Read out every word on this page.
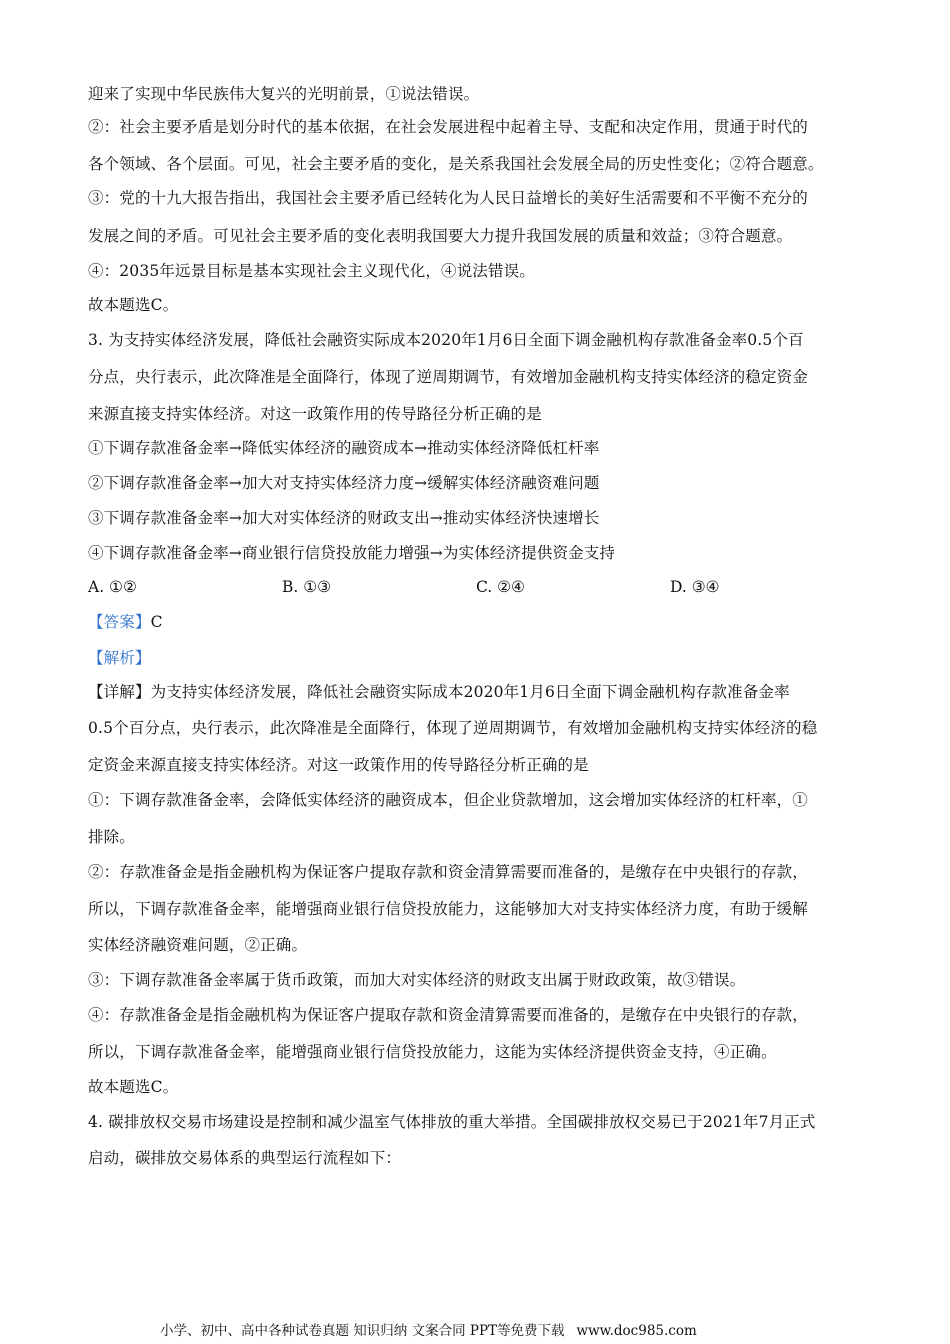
迎来了实现中华民族伟大复兴的光明前景，①说法错误。
②：社会主要矛盾是划分时代的基本依据，在社会发展进程中起着主导、支配和决定作用，贯通于时代的
各个领域、各个层面。可见，社会主要矛盾的变化，是关系我国社会发展全局的历史性变化；②符合题意。
③：党的十九大报告指出，我国社会主要矛盾已经转化为人民日益增长的美好生活需要和不平衡不充分的
发展之间的矛盾。可见社会主要矛盾的变化表明我国要大力提升我国发展的质量和效益；③符合题意。
④：2035年远景目标是基本实现社会主义现代化，④说法错误。
故本题选C。
3. 为支持实体经济发展，降低社会融资实际成本2020年1月6日全面下调金融机构存款准备金率0.5个百
分点，央行表示，此次降准是全面降行，体现了逆周期调节，有效增加金融机构支持实体经济的稳定资金
来源直接支持实体经济。对这一政策作用的传导路径分析正确的是
①下调存款准备金率→降低实体经济的融资成本→推动实体经济降低杠杆率
②下调存款准备金率→加大对支持实体经济力度→缓解实体经济融资难问题
③下调存款准备金率→加大对实体经济的财政支出→推动实体经济快速增长
④下调存款准备金率→商业银行信贷投放能力增强→为实体经济提供资金支持
A. ①②	B. ①③	C. ②④	D. ③④
【答案】C
【解析】
【详解】为支持实体经济发展，降低社会融资实际成本2020年1月6日全面下调金融机构存款准备金率
0.5个百分点，央行表示，此次降准是全面降行，体现了逆周期调节，有效增加金融机构支持实体经济的稳
定资金来源直接支持实体经济。对这一政策作用的传导路径分析正确的是
①：下调存款准备金率，会降低实体经济的融资成本，但企业贷款增加，这会增加实体经济的杠杆率，①
排除。
②：存款准备金是指金融机构为保证客户提取存款和资金清算需要而准备的，是缴存在中央银行的存款，
所以，下调存款准备金率，能增强商业银行信贷投放能力，这能够加大对支持实体经济力度，有助于缓解
实体经济融资难问题，②正确。
③：下调存款准备金率属于货币政策，而加大对实体经济的财政支出属于财政政策，故③错误。
④：存款准备金是指金融机构为保证客户提取存款和资金清算需要而准备的，是缴存在中央银行的存款，
所以，下调存款准备金率，能增强商业银行信贷投放能力，这能为实体经济提供资金支持，④正确。
故本题选C。
4. 碳排放权交易市场建设是控制和减少温室气体排放的重大举措。全国碳排放权交易已于2021年7月正式
启动，碳排放交易体系的典型运行流程如下：
小学、初中、高中各种试卷真题 知识归纳 文案合同 PPT等免费下载 www.doc985.com
